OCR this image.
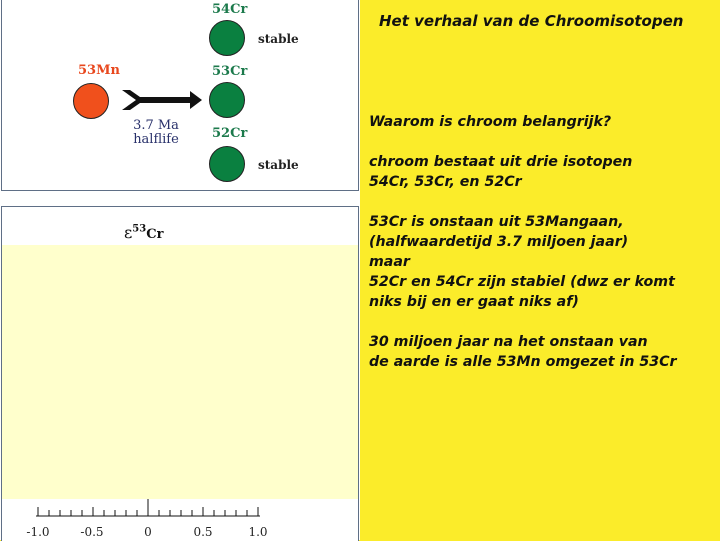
54Cr
stable
53Mn	53Cr
3.7 Ma
halflife	52Cr
stable
$\varepsilon^{53}Cr$
-1.0	-0.5	0	0.5	1.0
Het verhaal van de Chroomisotopen

Waarom is chroom belangrijk?

chroom bestaat uit drie isotopen

54Cr, 53Cr, en 52Cr

53Cr is onstaan uit 53Mangaan,

(halfwaardetijd 3.7 miljoen jaar)

maar

52Cr en 54Cr zijn stabiel (dwz er komt

niks bij en er gaat niks af)

30 miljoen jaar na het onstaan van

de aarde is alle 53Mn omgezet in 53Cr
